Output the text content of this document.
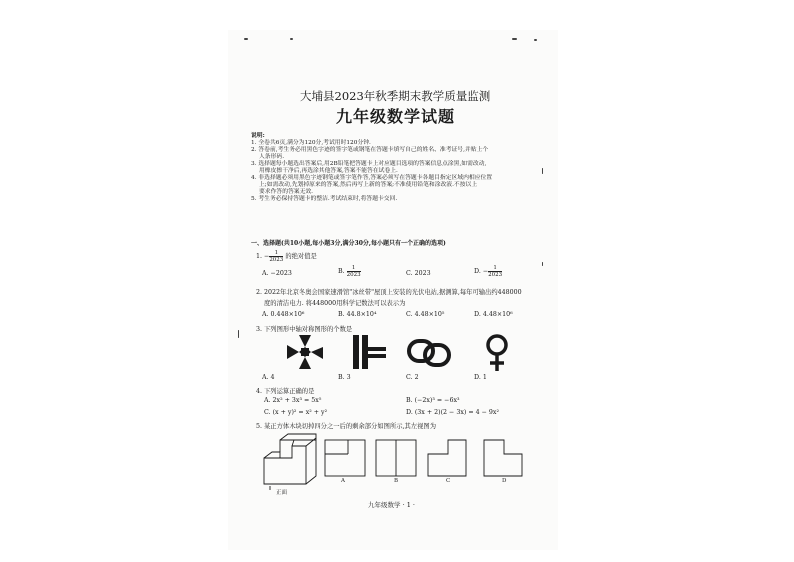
大埔县2023年秋季期末教学质量监测
九年级数学试题
说明:
1. 全卷共6页,满分为120分,考试用时120分钟.
2. 答卷前,考生务必用黑色字迹的签字笔或钢笔在答题卡填写自己的姓名、准考证号,并贴上个
人条形码.
3. 选择题每小题选出答案后,用2B铅笔把答题卡上对应题目选项的答案信息点涂黑,如需改动,
用橡皮擦干净后,再选涂其他答案,答案不能答在试卷上.
4. 非选择题必须用黑色字迹钢笔或签字笔作答,答案必须写在答题卡各题目指定区域内相应位置
上;如需改动,先划掉原来的答案,然后再写上新的答案;不准使用铅笔和涂改液.不按以上
要求作答的答案无效.
5. 考生务必保持答题卡的整洁.考试结束时,将答题卡交回.
一、选择题(共10小题,每小题3分,满分30分,每小题只有一个正确的选项)
1. − $\frac{1}{2023}$ 的绝对值是
A. −2023	B. $\frac{1}{2023}$	C. 2023	D. − $\frac{1}{2023}$
2. 2022年北京冬奥会国家速滑馆"冰丝带"屋顶上安装的光伏电站,据测算,每年可输出约448000
度的清洁电力. 将448000用科学记数法可以表示为
A. 0.448×10⁶	B. 44.8×10⁴	C. 4.48×10⁵	D. 4.48×10⁶
3. 下列图形中轴对称图形的个数是
A. 4	B. 3	C. 2	D. 1
4. 下列运算正确的是
A. 2x² + 3x³ = 5x⁵	B. (−2x)³ = −6x³
C. (x + y)² = x² + y²	D. (3x + 2)(2 − 3x) = 4 − 9x²
5. 某正方体木块切掉四分之一后的剩余部分如图所示,其左视图为
正面
A	B	C	D
九年级数学 · 1 ·
